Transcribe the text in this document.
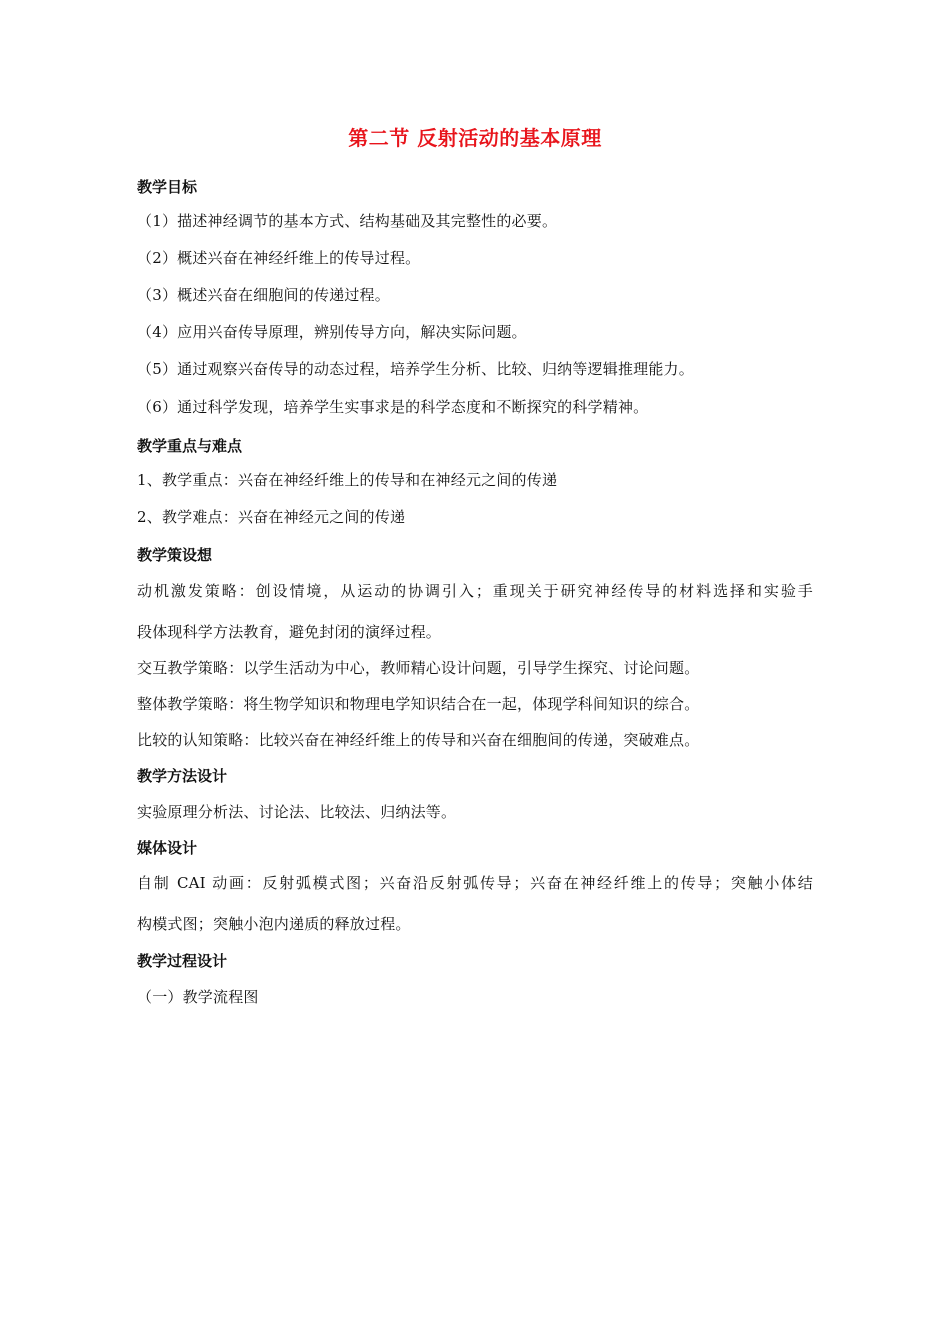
第二节 反射活动的基本原理
教学目标
（1）描述神经调节的基本方式、结构基础及其完整性的必要。
（2）概述兴奋在神经纤维上的传导过程。
（3）概述兴奋在细胞间的传递过程。
（4）应用兴奋传导原理，辨别传导方向，解决实际问题。
（5）通过观察兴奋传导的动态过程，培养学生分析、比较、归纳等逻辑推理能力。
（6）通过科学发现，培养学生实事求是的科学态度和不断探究的科学精神。
教学重点与难点
1、教学重点：兴奋在神经纤维上的传导和在神经元之间的传递
2、教学难点：兴奋在神经元之间的传递
教学策设想
动机激发策略：创设情境，从运动的协调引入；重现关于研究神经传导的材料选择和实验手
段体现科学方法教育，避免封闭的演绎过程。
交互教学策略：以学生活动为中心，教师精心设计问题，引导学生探究、讨论问题。
整体教学策略：将生物学知识和物理电学知识结合在一起，体现学科间知识的综合。
比较的认知策略：比较兴奋在神经纤维上的传导和兴奋在细胞间的传递，突破难点。
教学方法设计
实验原理分析法、讨论法、比较法、归纳法等。
媒体设计
自制 CAI 动画：反射弧模式图；兴奋沿反射弧传导；兴奋在神经纤维上的传导；突触小体结
构模式图；突触小泡内递质的释放过程。
教学过程设计
（一）教学流程图
